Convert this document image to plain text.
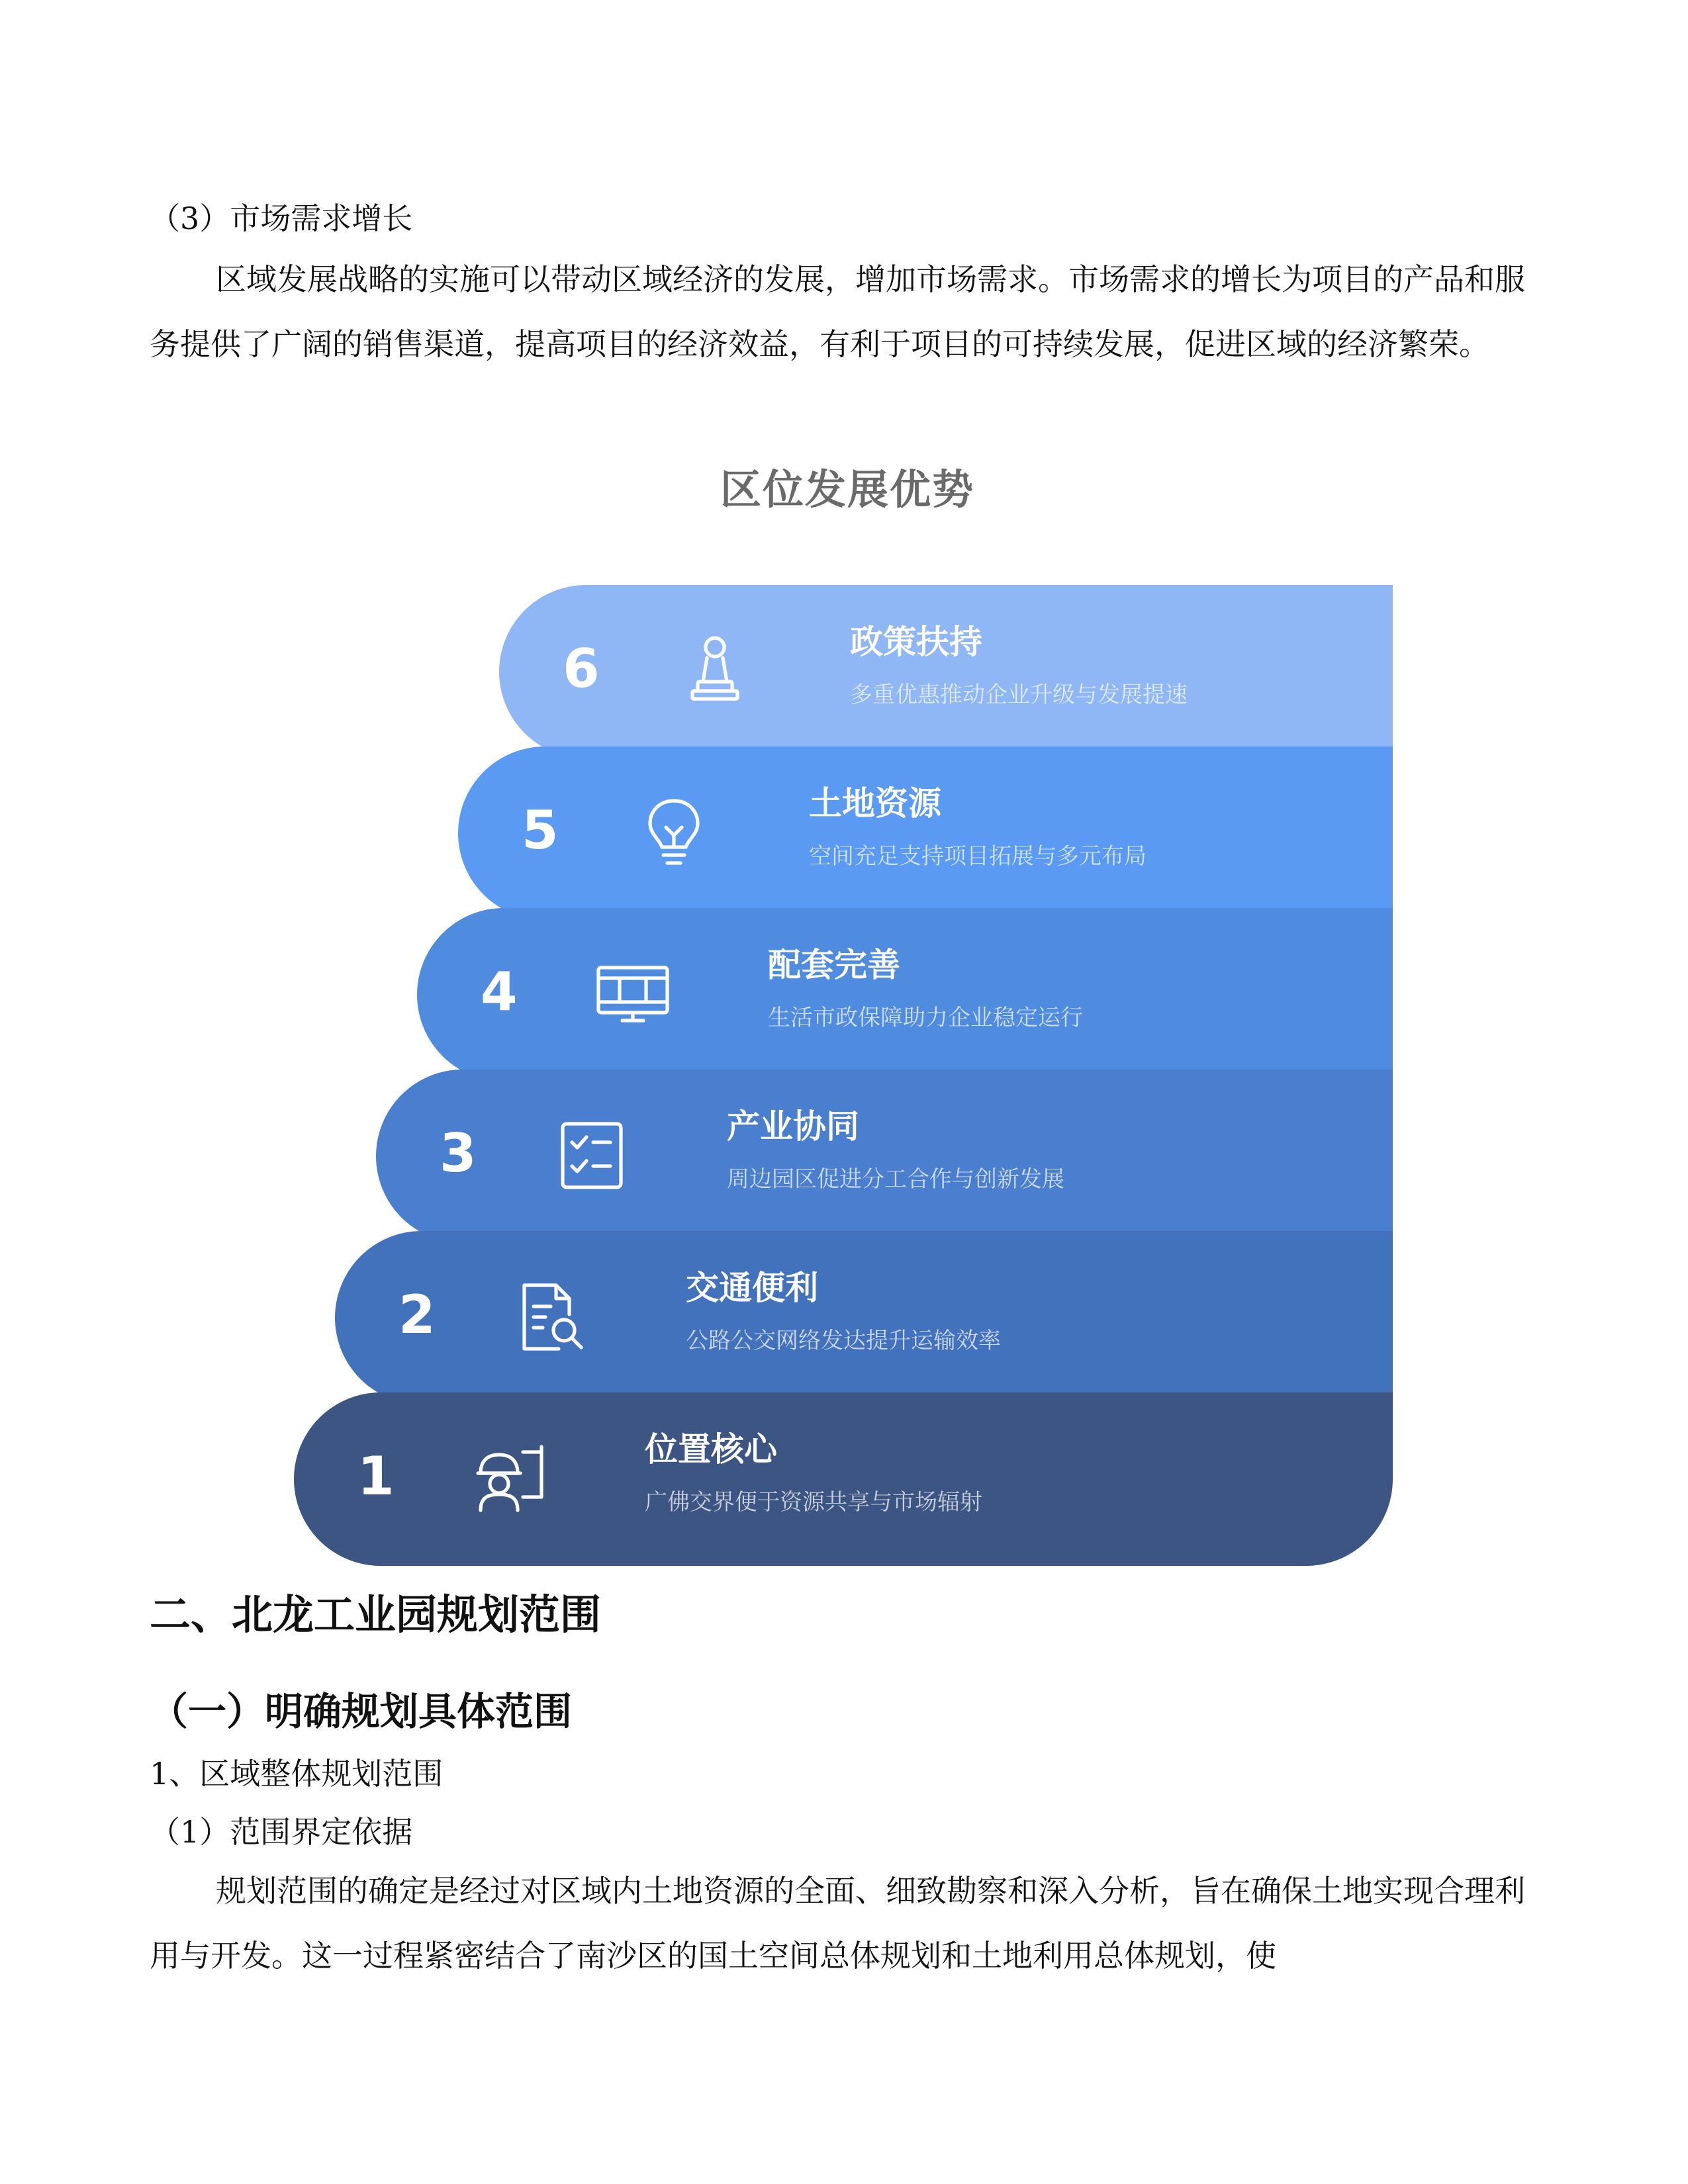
（3）市场需求增长

区域发展战略的实施可以带动区域经济的发展，增加市场需求。市场需求的增长为项目的产品和服务提供了广阔的销售渠道，提高项目的经济效益，有利于项目的可持续发展，促进区域的经济繁荣。

区位发展优势
6	政策扶持
多重优惠推动企业升级与发展提速
5	土地资源
空间充足支持项目拓展与多元布局
4	配套完善
生活市政保障助力企业稳定运行
3	产业协同
周边园区促进分工合作与创新发展
2	交通便利
公路公交网络发达提升运输效率
1	位置核心
广佛交界便于资源共享与市场辐射
二、北龙工业园规划范围
（一）明确规划具体范围

1、区域整体规划范围

（1）范围界定依据

规划范围的确定是经过对区域内土地资源的全面、细致勘察和深入分析，旨在确保土地实现合理利用与开发。这一过程紧密结合了南沙区的国土空间总体规划和土地利用总体规划，使
